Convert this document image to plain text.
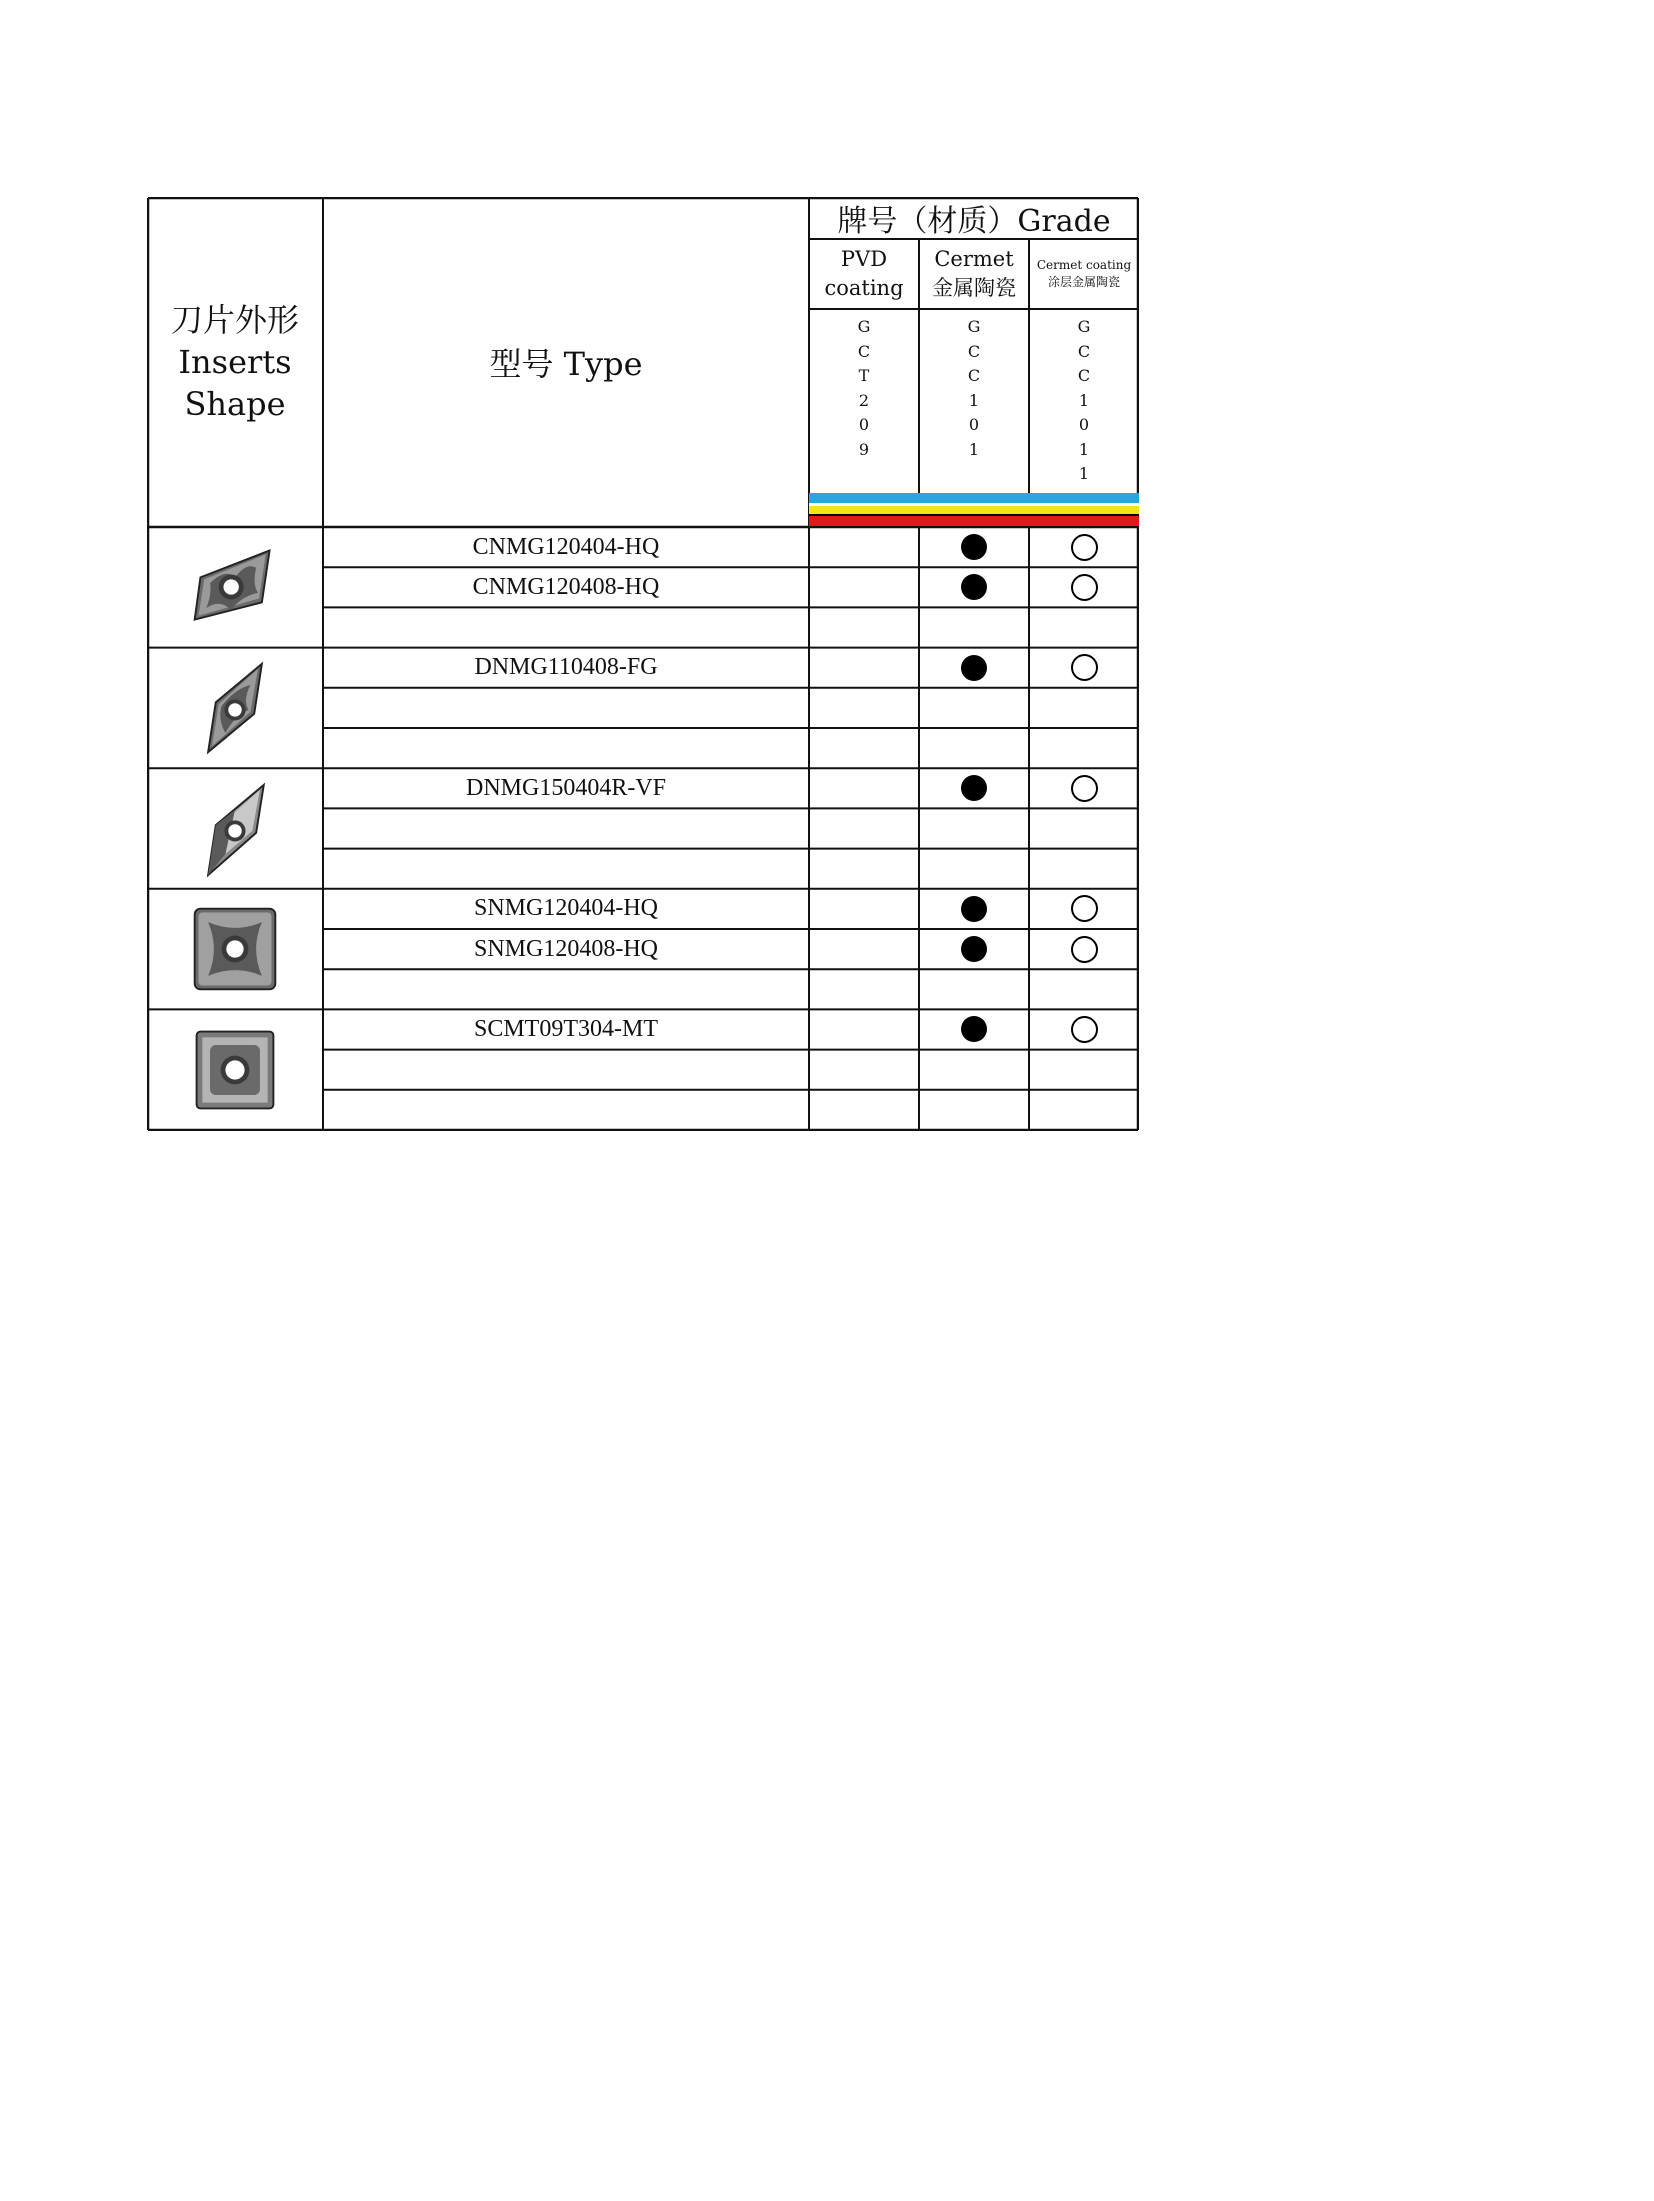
刀片外形
Inserts
Shape
型号 Type
牌号（材质）Grade
PVD
coating
Cermet
金属陶瓷
Cermet coating
涂层金属陶瓷
G
C
T
2
0
9
G
C
C
1
0
1
G
C
C
1
0
1
1
CNMG120404-HQ
CNMG120408-HQ
DNMG110408-FG
DNMG150404R-VF
SNMG120404-HQ
SNMG120408-HQ
SCMT09T304-MT
